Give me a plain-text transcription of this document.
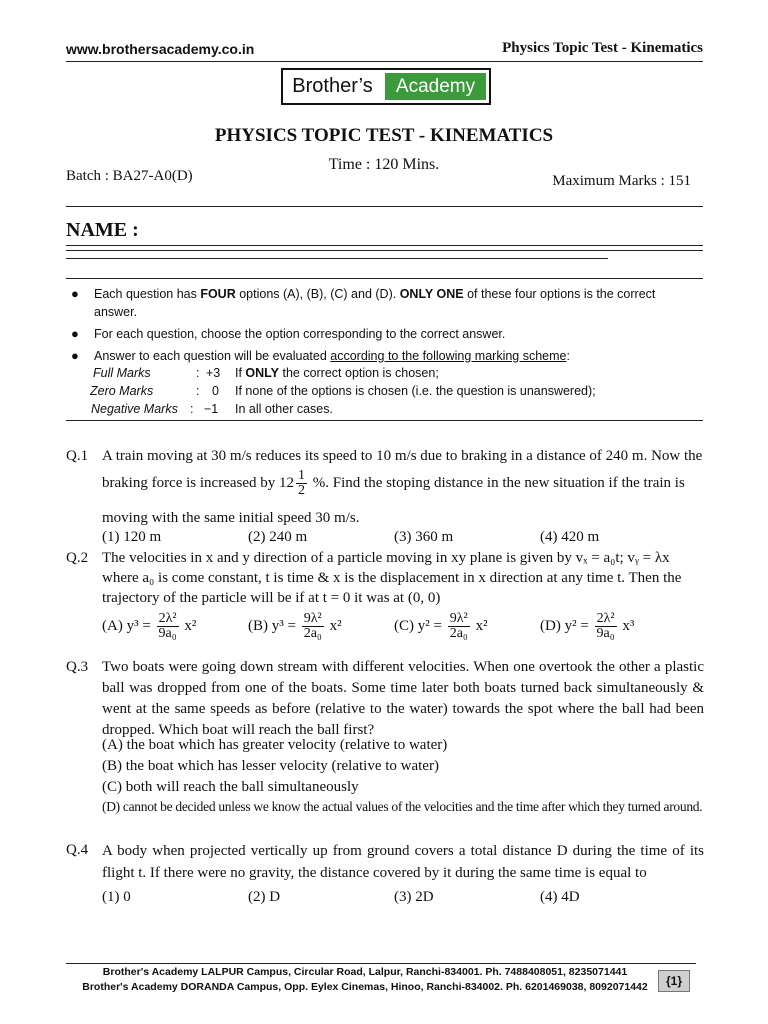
www.brothersacademy.co.in	Physics Topic Test - Kinematics
Brother’s	Academy
PHYSICS TOPIC TEST - KINEMATICS
Time : 120 Mins.
Batch : BA27-A0(D)	Maximum Marks : 151
NAME :
● Each question has FOUR options (A), (B), (C) and (D). ONLY ONE of these four options is the correct
answer.
● For each question, choose the option corresponding to the correct answer.
● Answer to each question will be evaluated according to the following marking scheme:
Full Marks	: +3 If ONLY the correct option is chosen;
Zero Marks	: 0 If none of the options is chosen (i.e. the question is unanswered);
Negative Marks : −1 In all other cases.
Q.1 A train moving at 30 m/s reduces its speed to 10 m/s due to braking in a distance of 240 m. Now the
braking force is increased by $12 \frac{1}{2}$ %. Find the stoping distance in the new situation if the train is
moving with the same initial speed 30 m/s.
(1) 120 m	(2) 240 m	(3) 360 m	(4) 420 m
Q.2 The velocities in x and y direction of a particle moving in xy plane is given by vₓ = a₀t; vᵧ = λx
where a₀ is come constant, t is time & x is the displacement in x direction at any time t. Then the
trajectory of the particle will be if at t = 0 it was at (0, 0)
(A) $y^3 = \frac{\text{2λ²}}{\text{9a₀}} x^2$	(B) $y^3 = \frac{\text{9λ²}}{\text{2a₀}} x^2$	(C) $y^2 = \frac{\text{9λ²}}{\text{2a₀}} x^2$	(D) $y^2 = \frac{\text{2λ²}}{\text{9a₀}} x^3$
Q.3 Two boats were going down stream with different velocities. When one overtook the other a plastic ball was dropped from one of the boats. Some time later both boats turned back simultaneously & went at the same speeds as before (relative to the water) towards the spot where the ball had been dropped. Which boat will reach the ball first?
(A) the boat which has greater velocity (relative to water)
(B) the boat which has lesser velocity (relative to water)
(C) both will reach the ball simultaneously
(D) cannot be decided unless we know the actual values of the velocities and the time after which they turned around.
Q.4 A body when projected vertically up from ground covers a total distance D during the time of its flight t. If there were no gravity, the distance covered by it during the same time is equal to
(1) 0	(2) D	(3) 2D	(4) 4D
Brother's Academy LALPUR Campus, Circular Road, Lalpur, Ranchi-834001. Ph. 7488408051, 8235071441
Brother's Academy DORANDA Campus, Opp. Eylex Cinemas, Hinoo, Ranchi-834002. Ph. 6201469038, 8092071442	{1}
